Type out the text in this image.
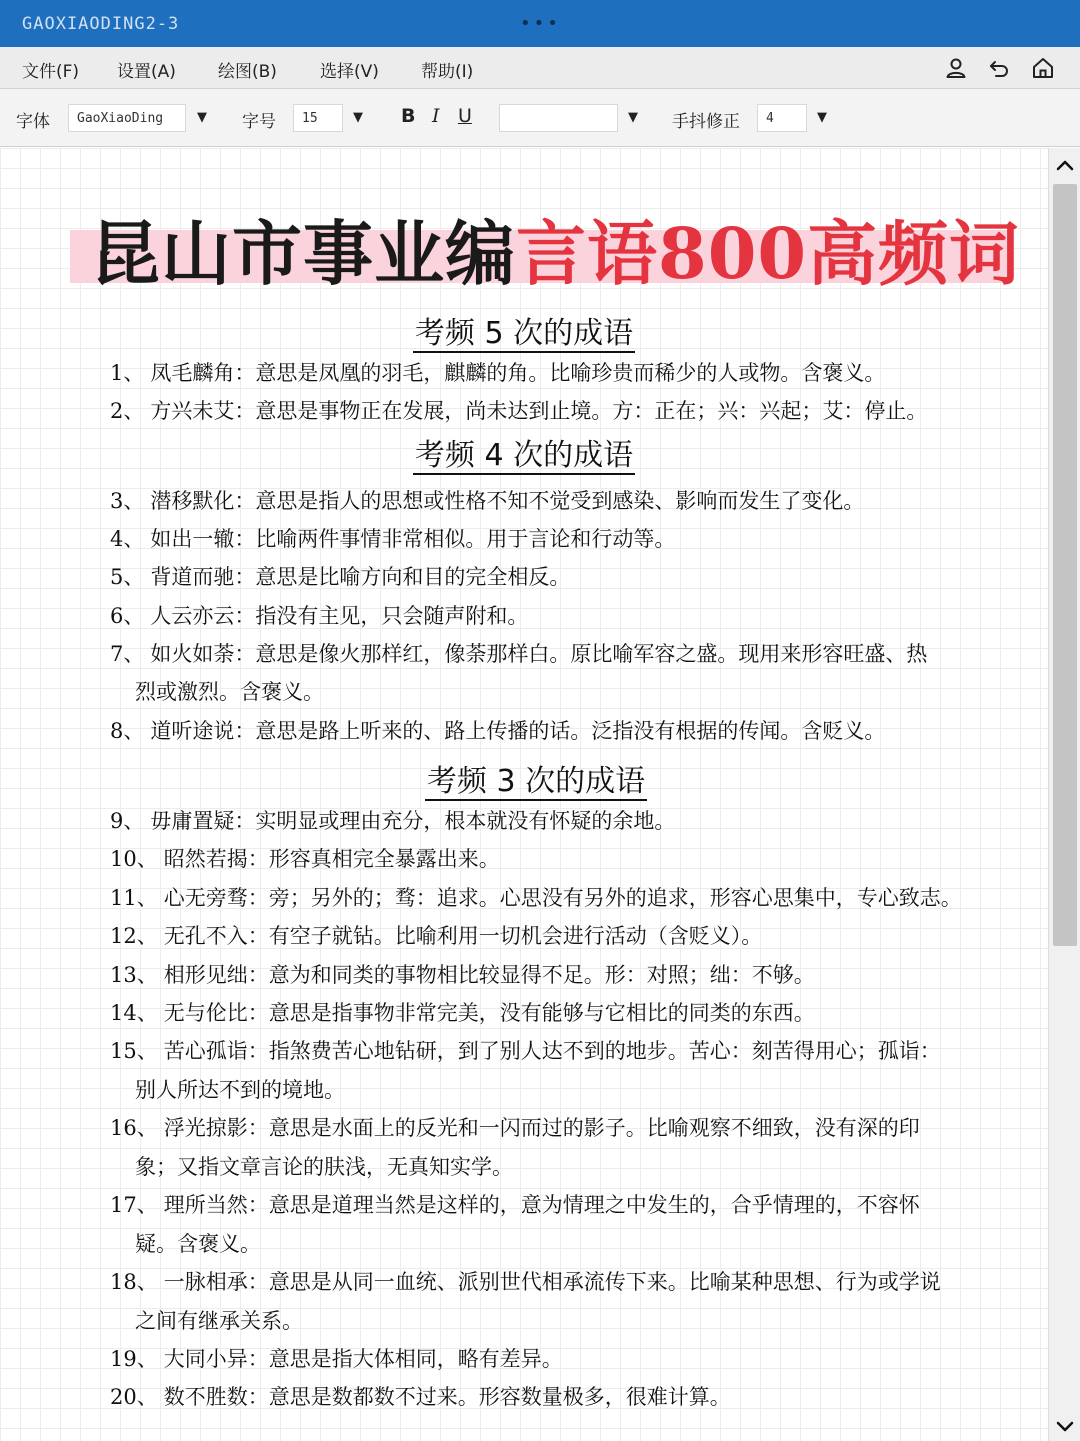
GAOXIAODING2-3	•••
文件(F) 设置(A) 绘图(B)	选择(V) 帮助(I)
字体	GaoXiaoDing	▼	字号	15	▼	B I U	▼	手抖修正	4	▼
昆山市事业编言语800高频词
考频 5 次的成语
考频 4 次的成语
考频 3 次的成语
1、 凤毛麟角：意思是凤凰的羽毛，麒麟的角。比喻珍贵而稀少的人或物。含褒义。
2、 方兴未艾：意思是事物正在发展，尚未达到止境。方：正在；兴：兴起；艾：停止。
3、 潜移默化：意思是指人的思想或性格不知不觉受到感染、影响而发生了变化。
4、 如出一辙：比喻两件事情非常相似。用于言论和行动等。
5、 背道而驰：意思是比喻方向和目的完全相反。
6、 人云亦云：指没有主见，只会随声附和。
7、 如火如荼：意思是像火那样红，像荼那样白。原比喻军容之盛。现用来形容旺盛、热
烈或激烈。含褒义。
8、 道听途说：意思是路上听来的、路上传播的话。泛指没有根据的传闻。含贬义。
9、 毋庸置疑：实明显或理由充分，根本就没有怀疑的余地。
10、 昭然若揭：形容真相完全暴露出来。
11、 心无旁骛：旁；另外的；骛：追求。心思没有另外的追求，形容心思集中，专心致志。
12、 无孔不入：有空子就钻。比喻利用一切机会进行活动（含贬义）。
13、 相形见绌：意为和同类的事物相比较显得不足。形：对照；绌：不够。
14、 无与伦比：意思是指事物非常完美，没有能够与它相比的同类的东西。
15、 苦心孤诣：指煞费苦心地钻研，到了别人达不到的地步。苦心：刻苦得用心；孤诣：
别人所达不到的境地。
16、 浮光掠影：意思是水面上的反光和一闪而过的影子。比喻观察不细致，没有深的印
象；又指文章言论的肤浅，无真知实学。
17、 理所当然：意思是道理当然是这样的，意为情理之中发生的，合乎情理的，不容怀
疑。含褒义。
18、 一脉相承：意思是从同一血统、派别世代相承流传下来。比喻某种思想、行为或学说
之间有继承关系。
19、 大同小异：意思是指大体相同，略有差异。
20、 数不胜数：意思是数都数不过来。形容数量极多，很难计算。
